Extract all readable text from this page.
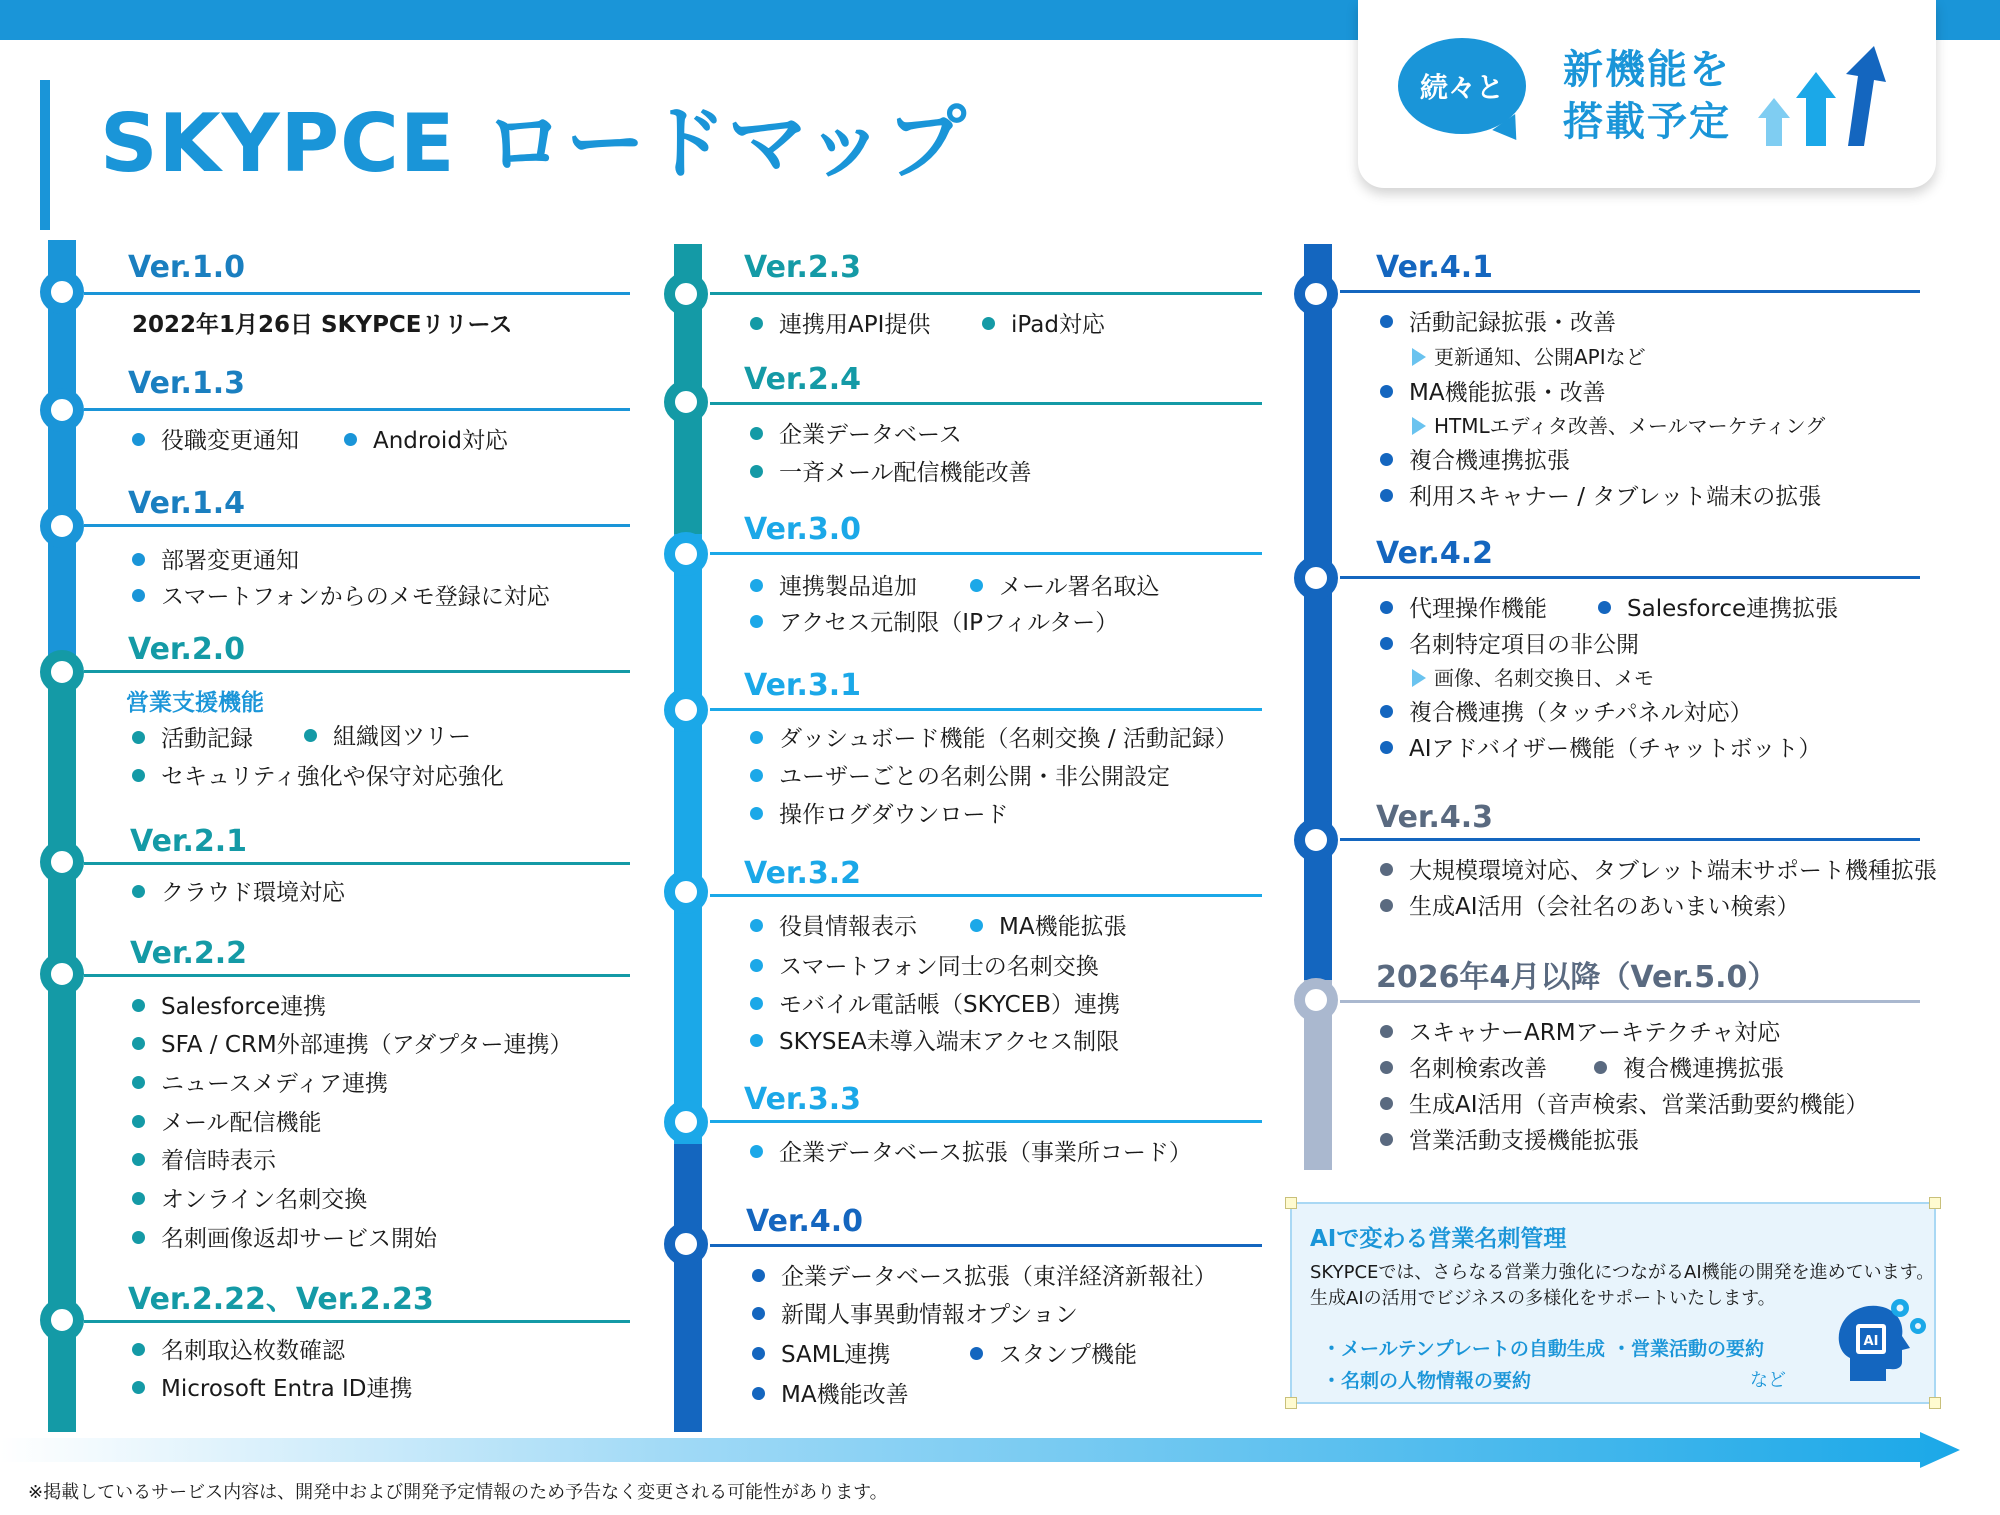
SKYPCE ロードマップ
続々と	新機能を
搭載予定
Ver.1.0
2022年1月26日 SKYPCEリリース
Ver.1.3
役職変更通知	Android対応
Ver.1.4
部署変更通知
スマートフォンからのメモ登録に対応
Ver.2.0
営業支援機能
活動記録	組織図ツリー
セキュリティ強化や保守対応強化
Ver.2.1
クラウド環境対応
Ver.2.2
Salesforce連携
SFA / CRM外部連携（アダプター連携）
ニュースメディア連携
メール配信機能
着信時表示
オンライン名刺交換
名刺画像返却サービス開始
Ver.2.22、Ver.2.23
名刺取込枚数確認
Microsoft Entra ID連携
Ver.2.3
連携用API提供	iPad対応
Ver.2.4
企業データベース
一斉メール配信機能改善
Ver.3.0
連携製品追加	メール署名取込
アクセス元制限（IPフィルター）
Ver.3.1
ダッシュボード機能（名刺交換 / 活動記録）
ユーザーごとの名刺公開・非公開設定
操作ログダウンロード
Ver.3.2
役員情報表示	MA機能拡張
スマートフォン同士の名刺交換
モバイル電話帳（SKYCEB）連携
SKYSEA未導入端末アクセス制限
Ver.3.3
企業データベース拡張（事業所コード）
Ver.4.0
企業データベース拡張（東洋経済新報社）
新聞人事異動情報オプション
SAML連携	スタンプ機能
MA機能改善
Ver.4.1
活動記録拡張・改善
更新通知、公開APIなど
MA機能拡張・改善
HTMLエディタ改善、メールマーケティング
複合機連携拡張
利用スキャナー / タブレット端末の拡張
Ver.4.2
代理操作機能	Salesforce連携拡張
名刺特定項目の非公開
画像、名刺交換日、メモ
複合機連携（タッチパネル対応）
AIアドバイザー機能（チャットボット）
Ver.4.3
大規模環境対応、タブレット端末サポート機種拡張
生成AI活用（会社名のあいまい検索）
2026年4月以降（Ver.5.0）
スキャナーARMアーキテクチャ対応
名刺検索改善	複合機連携拡張
生成AI活用（音声検索、営業活動要約機能）
営業活動支援機能拡張
AIで変わる営業名刺管理
SKYPCEでは、さらなる営業力強化につながるAI機能の開発を進めています。
生成AIの活用でビジネスの多様化をサポートいたします。
・メールテンプレートの自動生成 ・営業活動の要約
・名刺の人物情報の要約	など
AI
※掲載しているサービス内容は、開発中および開発予定情報のため予告なく変更される可能性があります。
